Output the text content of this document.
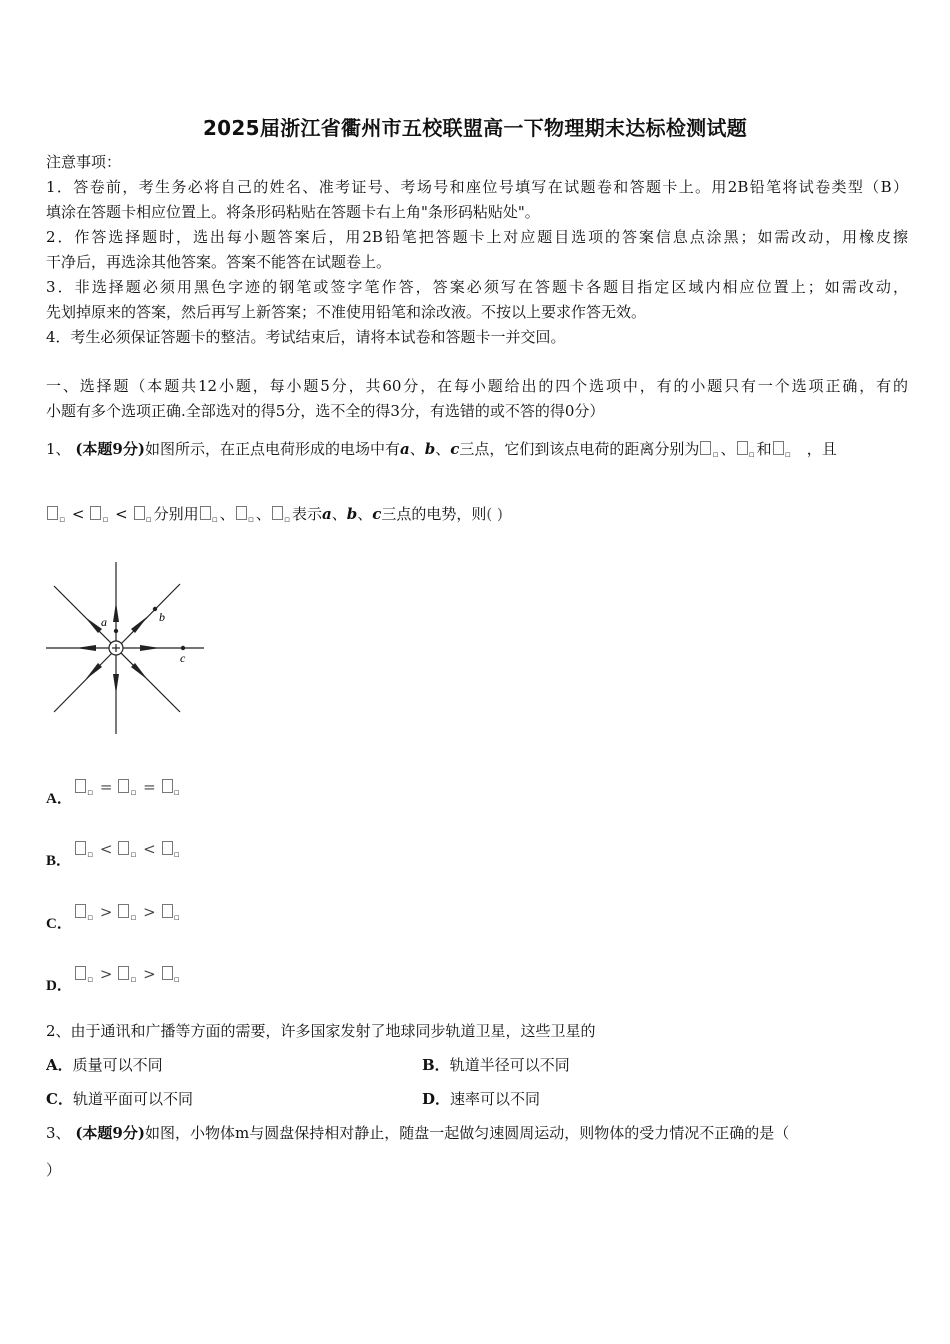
2025届浙江省衢州市五校联盟高一下物理期末达标检测试题
注意事项：
1．答卷前，考生务必将自己的姓名、准考证号、考场号和座位号填写在试题卷和答题卡上。用2B铅笔将试卷类型（B）
填涂在答题卡相应位置上。将条形码粘贴在答题卡右上角"条形码粘贴处"。
2．作答选择题时，选出每小题答案后，用2B铅笔把答题卡上对应题目选项的答案信息点涂黑；如需改动，用橡皮擦
干净后，再选涂其他答案。答案不能答在试题卷上。
3．非选择题必须用黑色字迹的钢笔或签字笔作答，答案必须写在答题卡各题目指定区域内相应位置上；如需改动，
先划掉原来的答案，然后再写上新答案；不准使用铅笔和涂改液。不按以上要求作答无效。
4．考生必须保证答题卡的整洁。考试结束后，请将本试卷和答题卡一并交回。
一、选择题（本题共12小题，每小题5分，共60分，在每小题给出的四个选项中，有的小题只有一个选项正确，有的
小题有多个选项正确.全部选对的得5分，选不全的得3分，有选错的或不答的得0分）
1、 (本题9分)如图所示，在正点电荷形成的电场中有a、b、c三点，它们到该点电荷的距离分别为 $_▫$ 、 $_▫$ 和 $_▫$ ，且
$_▫$ < $_▫$ < $_▫$ 分别用 $_▫$ 、 $_▫$ 、 $_▫$ 表示a、b、c三点的电势，则( )
a	b
c
A．	$_▫$ = $_▫$ = $_▫$
B．	$_▫$ < $_▫$ < $_▫$
C．	$_▫$ > $_▫$ > $_▫$
D．	$_▫$ > $_▫$ > $_▫$
2、由于通讯和广播等方面的需要，许多国家发射了地球同步轨道卫星，这些卫星的
A．质量可以不同	B．轨道半径可以不同
C．轨道平面可以不同	D．速率可以不同
3、 (本题9分)如图，小物体m与圆盘保持相对静止，随盘一起做匀速圆周运动，则物体的受力情况不正确的是（
）
